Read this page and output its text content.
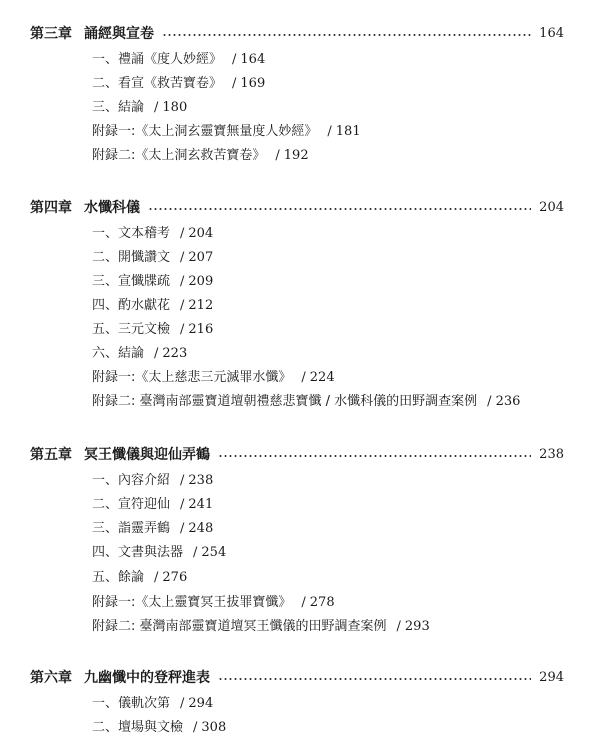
第三章 誦經與宣卷	164
一、禮誦《度人妙經》 / 164
二、看宣《救苦寶卷》 / 169
三、結論 / 180
附録一:《太上洞玄靈寶無量度人妙經》 / 181
附録二:《太上洞玄救苦寶卷》 / 192
第四章 水懺科儀	204
一、文本稽考 / 204
二、開懺讚文 / 207
三、宣懺牒疏 / 209
四、酌水獻花 / 212
五、三元文檢 / 216
六、結論 / 223
附録一:《太上慈悲三元滅罪水懺》 / 224
附録二: 臺灣南部靈寶道壇朝禮慈悲寶懺 / 水懺科儀的田野調查案例 / 236
第五章 冥王懺儀與迎仙弄鶴	238
一、內容介紹 / 238
二、宣符迎仙 / 241
三、詣靈弄鶴 / 248
四、文書與法器 / 254
五、餘論 / 276
附録一:《太上靈寶冥王拔罪寶懺》 / 278
附録二: 臺灣南部靈寶道壇冥王懺儀的田野調查案例 / 293
第六章 九幽懺中的登秤進表	294
一、儀軌次第 / 294
二、壇場與文檢 / 308
